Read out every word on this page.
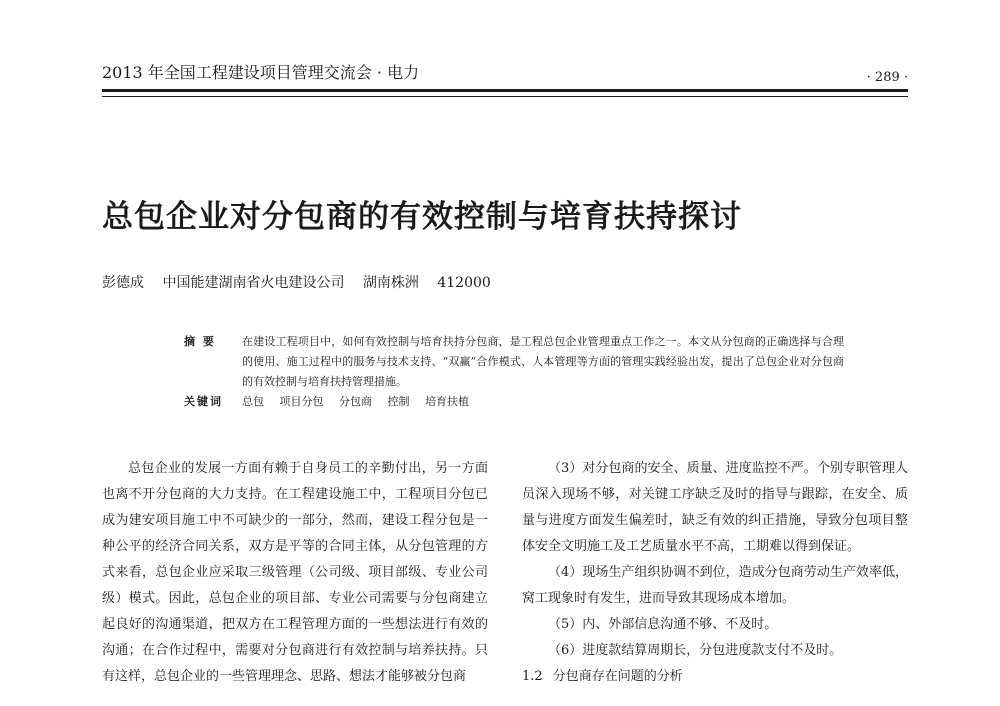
2013 年全国工程建设项目管理交流会 · 电力	· 289 ·
总包企业对分包商的有效控制与培育扶持探讨
彭德成 中国能建湖南省火电建设公司 湖南株洲 412000
摘 要	在建设工程项目中，如何有效控制与培育扶持分包商，是工程总包企业管理重点工作之一。本文从分包商的正确选择与合理的使用、施工过程中的服务与技术支持、“双赢”合作模式、人本管理等方面的管理实践经验出发，提出了总包企业对分包商的有效控制与培育扶持管理措施。
关键词	总包 项目分包 分包商 控制 培育扶植

总包企业的发展一方面有赖于自身员工的辛勤付出，另一方面也离不开分包商的大力支持。在工程建设施工中，工程项目分包已成为建安项目施工中不可缺少的一部分，然而，建设工程分包是一种公平的经济合同关系，双方是平等的合同主体，从分包管理的方式来看，总包企业应采取三级管理（公司级、项目部级、专业公司级）模式。因此，总包企业的项目部、专业公司需要与分包商建立起良好的沟通渠道，把双方在工程管理方面的一些想法进行有效的沟通；在合作过程中，需要对分包商进行有效控制与培养扶持。只有这样，总包企业的一些管理理念、思路、想法才能够被分包商

（3）对分包商的安全、质量、进度监控不严。个别专职管理人员深入现场不够，对关键工序缺乏及时的指导与跟踪，在安全、质量与进度方面发生偏差时，缺乏有效的纠正措施，导致分包项目整体安全文明施工及工艺质量水平不高，工期难以得到保证。

（4）现场生产组织协调不到位，造成分包商劳动生产效率低，窝工现象时有发生，进而导致其现场成本增加。

（5）内、外部信息沟通不够、不及时。

（6）进度款结算周期长，分包进度款支付不及时。

1.2 分包商存在问题的分析
